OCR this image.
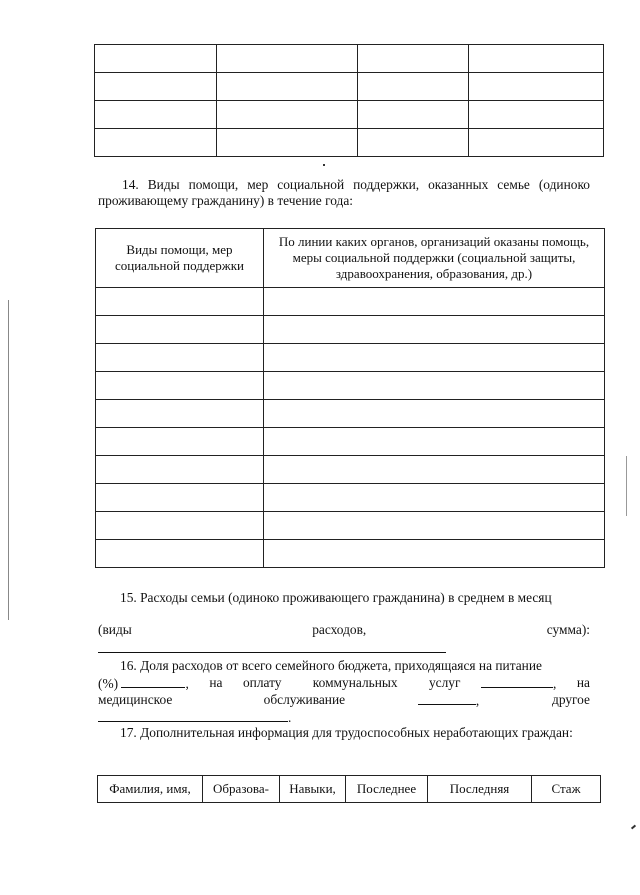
14. Виды помощи, мер социальной поддержки, оказанных семье (одиноко проживающему гражданину) в течение года:
Виды помощи, мер социальной поддержки	По линии каких органов, организаций оказаны помощь, меры социальной поддержки (социальной защиты, здравоохранения, образования, др.)

15. Расходы семьи (одиноко проживающего гражданина) в среднем в месяц
(виды	расходов,	сумма):
16. Доля расходов от всего семейного бюджета, приходящаяся на питание
(%)	, на оплату коммунальных услуг	, на
медицинское обслуживание	,	другое
.
17. Дополнительная информация для трудоспособных неработающих граждан:
Фамилия, имя,	Образова-	Навыки,	Последнее	Последняя	Стаж
